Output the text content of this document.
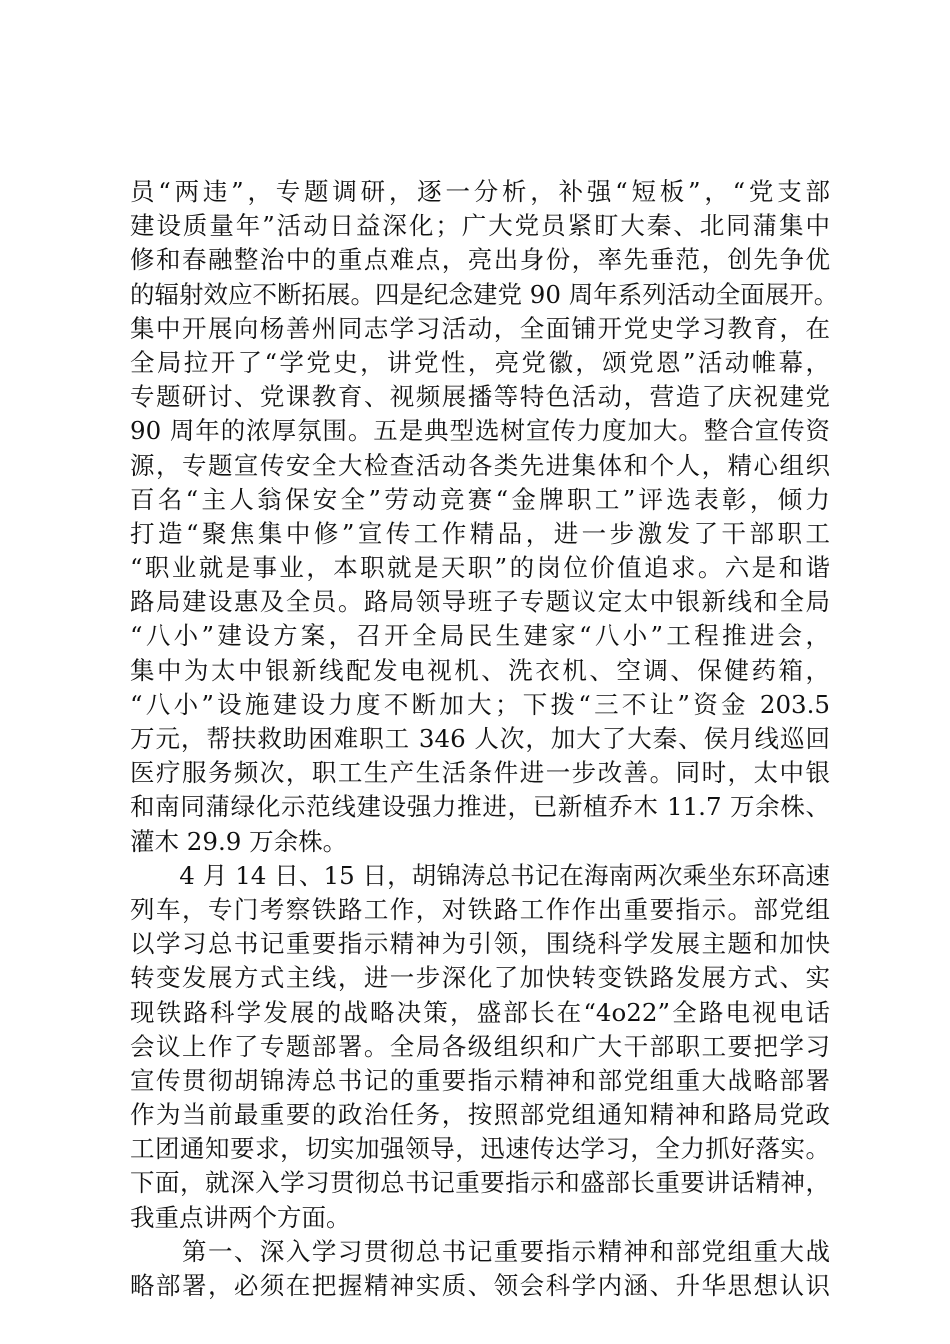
员“两违”，专题调研，逐一分析，补强“短板”，“党支部
建设质量年”活动日益深化；广大党员紧盯大秦、北同蒲集中
修和春融整治中的重点难点，亮出身份，率先垂范，创先争优
的辐射效应不断拓展。四是纪念建党 90 周年系列活动全面展开。
集中开展向杨善州同志学习活动，全面铺开党史学习教育，在
全局拉开了“学党史，讲党性，亮党徽，颂党恩”活动帷幕，
专题研讨、党课教育、视频展播等特色活动，营造了庆祝建党
90 周年的浓厚氛围。五是典型选树宣传力度加大。整合宣传资
源，专题宣传安全大检查活动各类先进集体和个人，精心组织
百名“主人翁保安全”劳动竞赛“金牌职工”评选表彰，倾力
打造“聚焦集中修”宣传工作精品，进一步激发了干部职工
“职业就是事业，本职就是天职”的岗位价值追求。六是和谐
路局建设惠及全员。路局领导班子专题议定太中银新线和全局
“八小”建设方案，召开全局民生建家“八小”工程推进会，
集中为太中银新线配发电视机、洗衣机、空调、保健药箱，
“八小”设施建设力度不断加大；下拨“三不让”资金 203.5
万元，帮扶救助困难职工 346 人次，加大了大秦、侯月线巡回
医疗服务频次，职工生产生活条件进一步改善。同时，太中银
和南同蒲绿化示范线建设强力推进，已新植乔木 11.7 万余株、
灌木 29.9 万余株。
　　4 月 14 日、15 日，胡锦涛总书记在海南两次乘坐东环高速
列车，专门考察铁路工作，对铁路工作作出重要指示。部党组
以学习总书记重要指示精神为引领，围绕科学发展主题和加快
转变发展方式主线，进一步深化了加快转变铁路发展方式、实
现铁路科学发展的战略决策，盛部长在“4o22”全路电视电话
会议上作了专题部署。全局各级组织和广大干部职工要把学习
宣传贯彻胡锦涛总书记的重要指示精神和部党组重大战略部署
作为当前最重要的政治任务，按照部党组通知精神和路局党政
工团通知要求，切实加强领导，迅速传达学习，全力抓好落实。
下面，就深入学习贯彻总书记重要指示和盛部长重要讲话精神，
我重点讲两个方面。
　　第一、深入学习贯彻总书记重要指示精神和部党组重大战
略部署，必须在把握精神实质、领会科学内涵、升华思想认识
